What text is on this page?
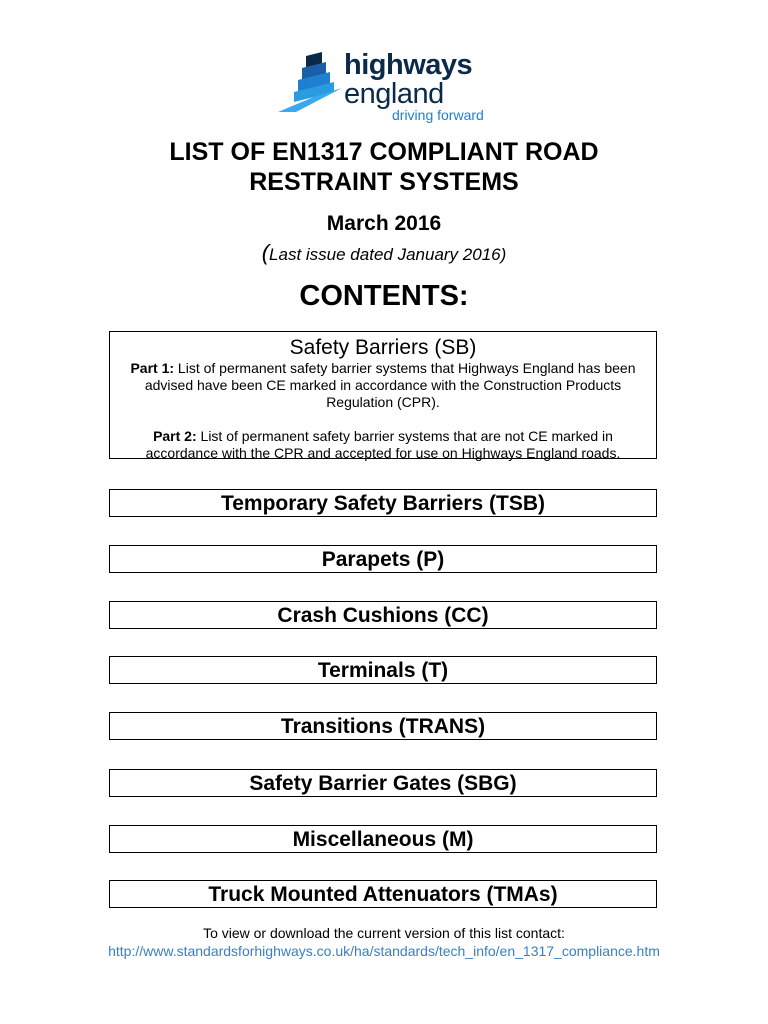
highways
england
driving forward
LIST OF EN1317 COMPLIANT ROAD
RESTRAINT SYSTEMS
March 2016
(Last issue dated January 2016)
CONTENTS:
Safety Barriers (SB)
Part 1: List of permanent safety barrier systems that Highways England has been advised have been CE marked in accordance with the Construction Products Regulation (CPR).
Part 2: List of permanent safety barrier systems that are not CE marked in accordance with the CPR and accepted for use on Highways England roads.
Temporary Safety Barriers (TSB)
Parapets (P)
Crash Cushions (CC)
Terminals (T)
Transitions (TRANS)
Safety Barrier Gates (SBG)
Miscellaneous (M)
Truck Mounted Attenuators (TMAs)
To view or download the current version of this list contact:
http://www.standardsforhighways.co.uk/ha/standards/tech_info/en_1317_compliance.htm
